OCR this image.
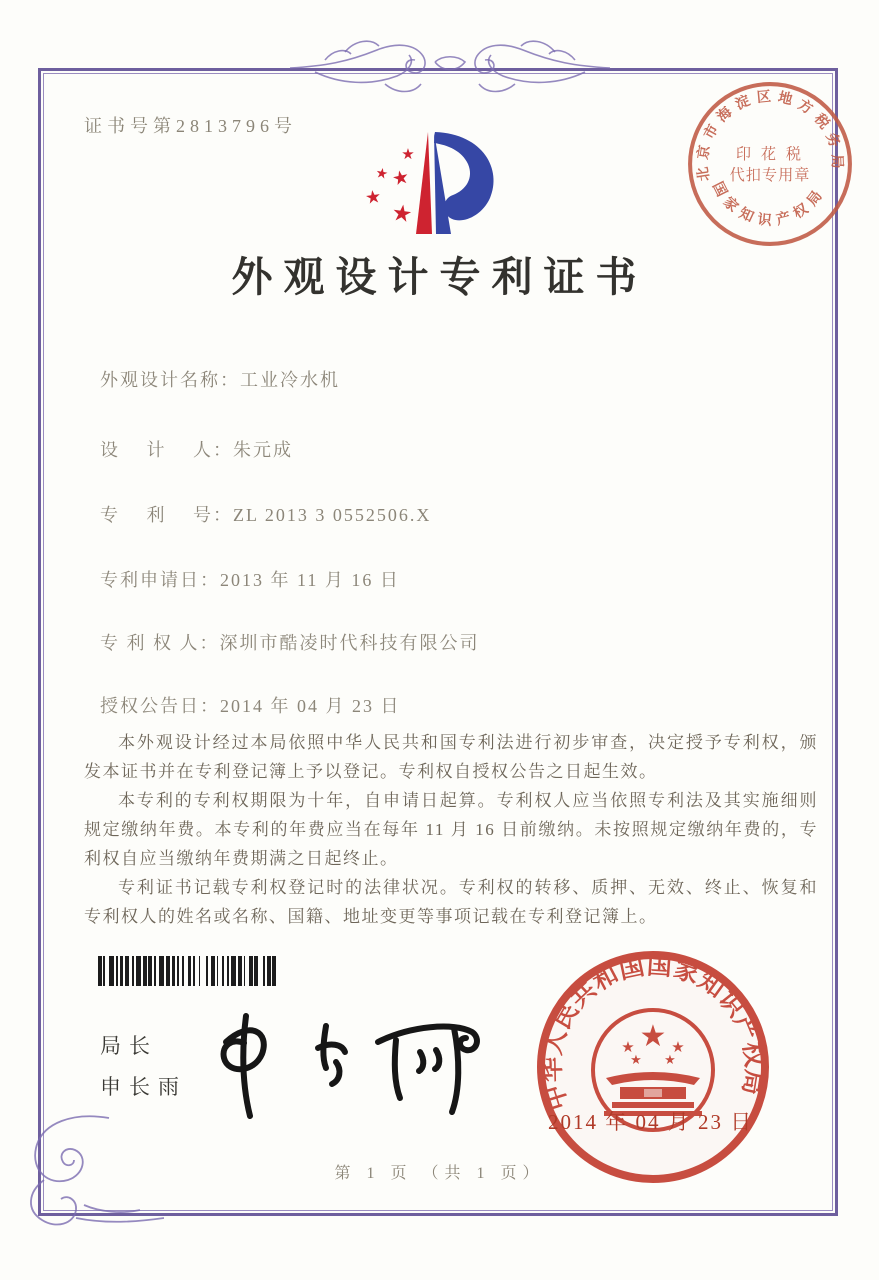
证书号第2813796号
★
★
★
★
★
外观设计专利证书
外观设计名称：工业冷水机
设　 计　 人：朱元成
专　 利　 号：ZL 2013 3 0552506.X
专利申请日：2013 年 11 月 16 日
专 利 权 人：深圳市酷凌时代科技有限公司
授权公告日：2014 年 04 月 23 日

本外观设计经过本局依照中华人民共和国专利法进行初步审查，决定授予专利权，颁发本证书并在专利登记簿上予以登记。专利权自授权公告之日起生效。

本专利的专利权期限为十年，自申请日起算。专利权人应当依照专利法及其实施细则规定缴纳年费。本专利的年费应当在每年 11 月 16 日前缴纳。未按照规定缴纳年费的，专利权自应当缴纳年费期满之日起终止。

专利证书记载专利权登记时的法律状况。专利权的转移、质押、无效、终止、恢复和专利权人的姓名或名称、国籍、地址变更等事项记载在专利登记簿上。

局长
申长雨	中华人民共和国国家知识产权局
★
★ ★
★ ★
2014 年 04 月 23 日
北京市海淀区地方税务局
国家知识产权局
印 花 税
代扣专用章
第 1 页 （共 1 页）
